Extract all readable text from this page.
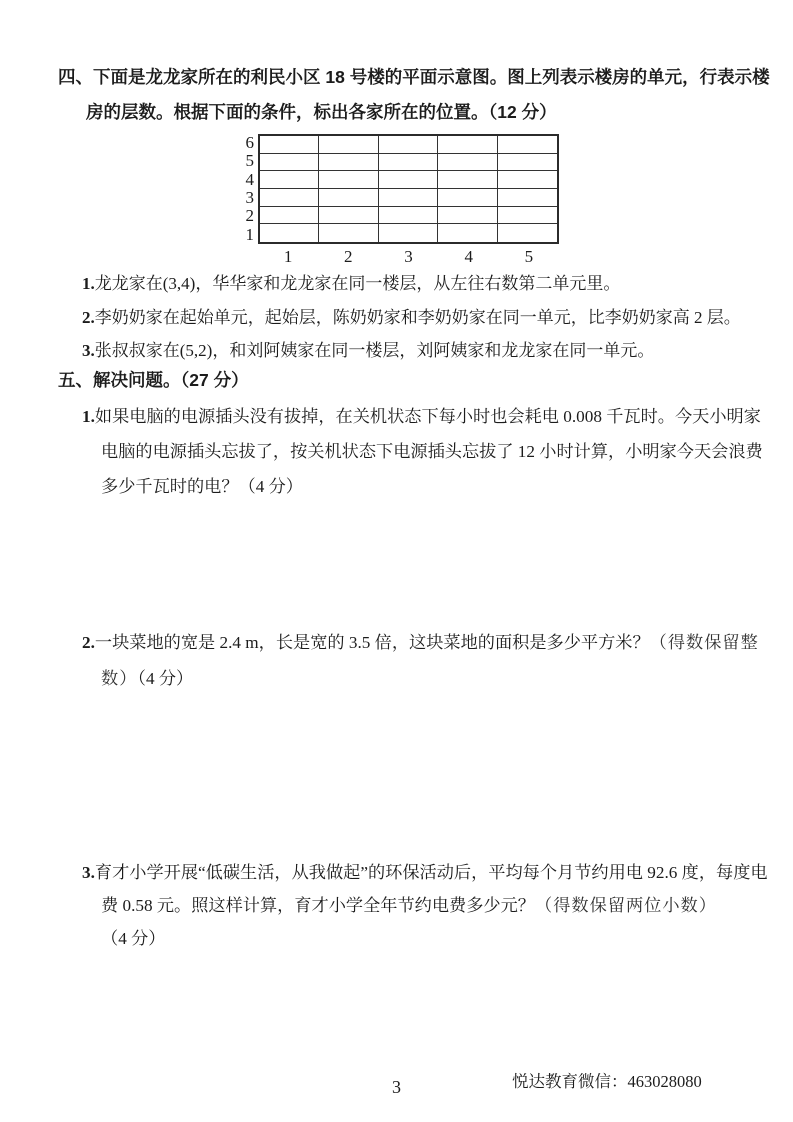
四、下面是龙龙家所在的利民小区 18 号楼的平面示意图。图上列表示楼房的单元，行表示楼房的层数。根据下面的条件，标出各家所在的位置。（12 分）
6
5
4
3
2
1
1	2	3	4	5
1.龙龙家在(3,4)，华华家和龙龙家在同一楼层，从左往右数第二单元里。
2.李奶奶家在起始单元，起始层，陈奶奶家和李奶奶家在同一单元，比李奶奶家高 2 层。
3.张叔叔家在(5,2)，和刘阿姨家在同一楼层，刘阿姨家和龙龙家在同一单元。
五、解决问题。（27 分）
1.如果电脑的电源插头没有拔掉，在关机状态下每小时也会耗电 0.008 千瓦时。今天小明家电脑的电源插头忘拔了，按关机状态下电源插头忘拔了 12 小时计算，小明家今天会浪费多少千瓦时的电？（4 分）
2.一块菜地的宽是 2.4 m，长是宽的 3.5 倍，这块菜地的面积是多少平方米？（得数保留整数）（4 分）
3.育才小学开展“低碳生活，从我做起”的环保活动后，平均每个月节约用电 92.6 度，每度电费 0.58 元。照这样计算，育才小学全年节约电费多少元？（得数保留两位小数）（4 分）
3	悦达教育微信：463028080
